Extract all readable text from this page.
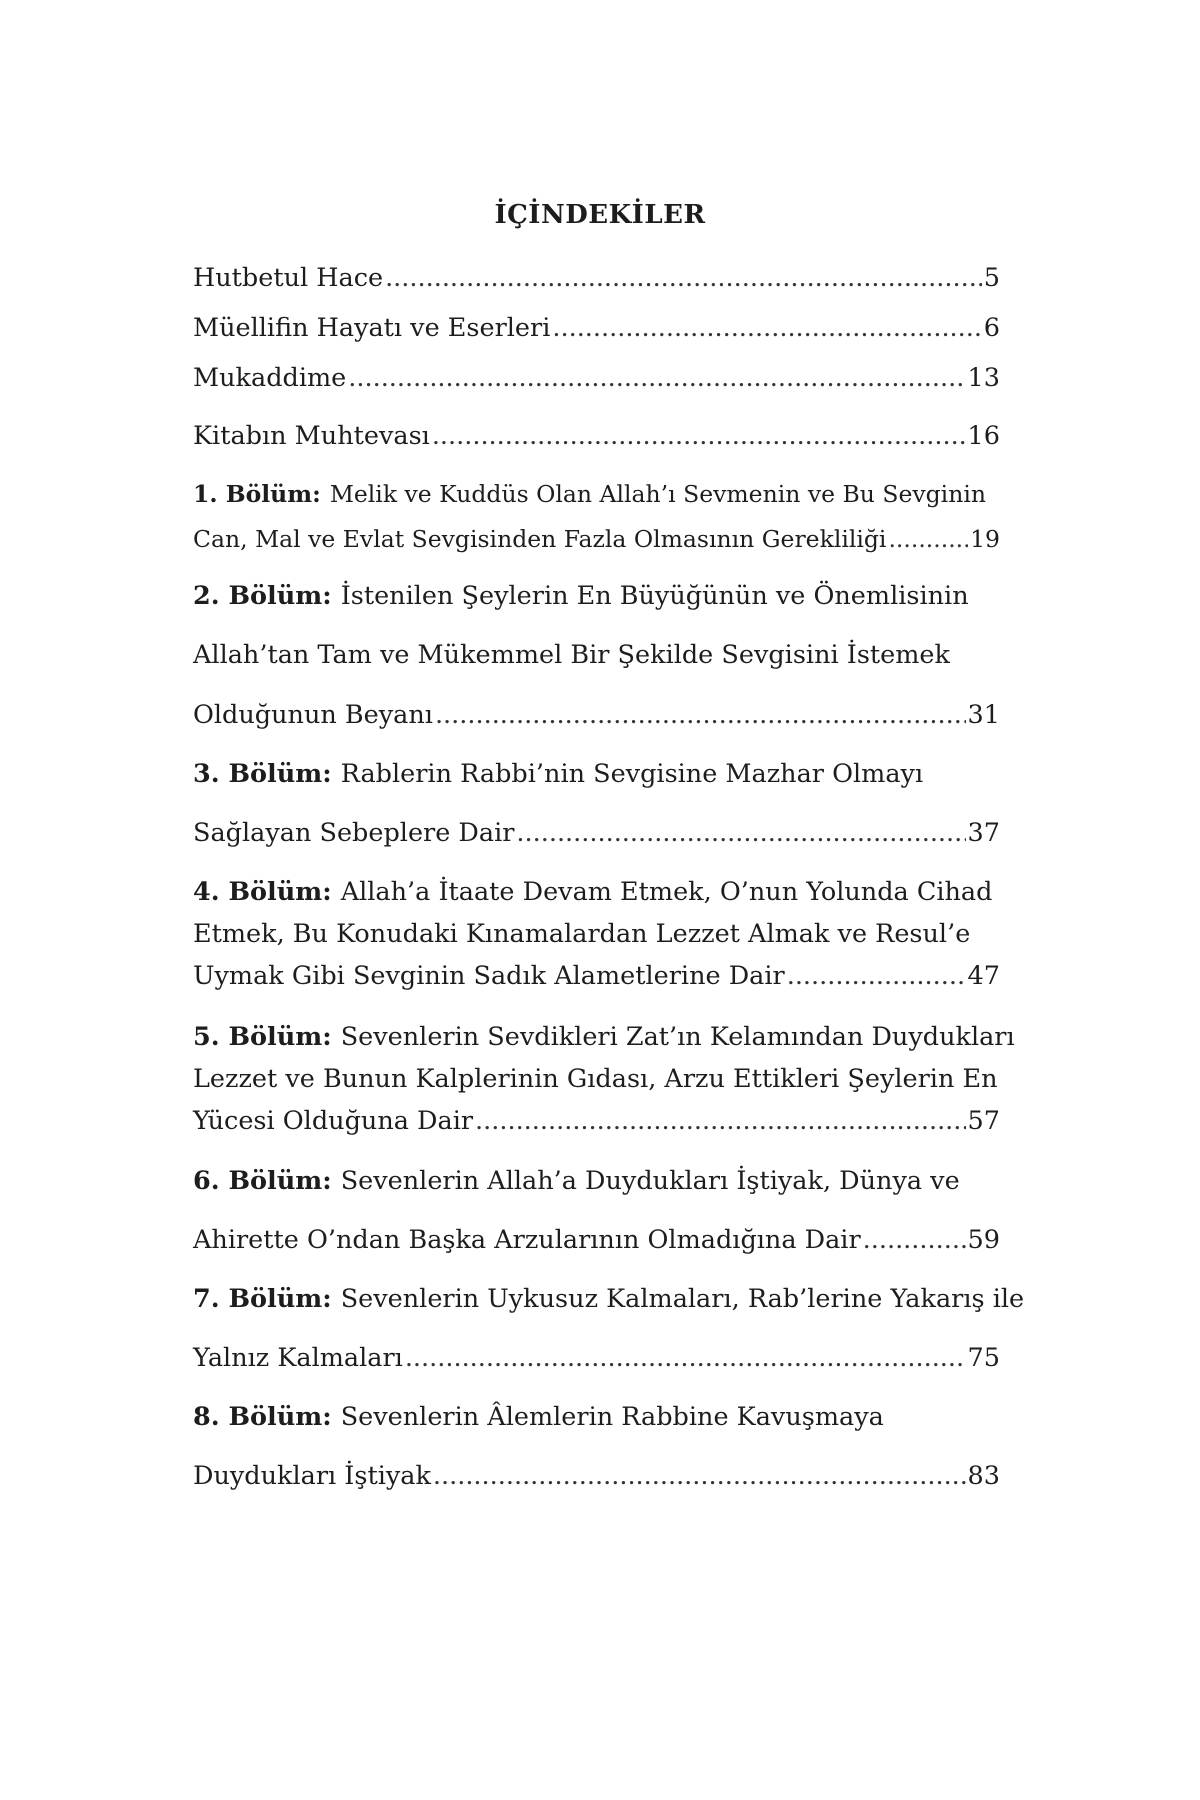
İÇİNDEKİLER
Hutbetul Hace .....	5
Müellifin Hayatı ve Eserleri .....	6
Mukaddime .....	13
Kitabın Muhtevası .....	16
1. Bölüm: Melik ve Kuddüs Olan Allah’ı Sevmenin ve Bu Sevginin
Can, Mal ve Evlat Sevgisinden Fazla Olmasının Gerekliliği .....	19
2. Bölüm: İstenilen Şeylerin En Büyüğünün ve Önemlisinin
Allah’tan Tam ve Mükemmel Bir Şekilde Sevgisini İstemek
Olduğunun Beyanı .....	31
3. Bölüm: Rablerin Rabbi’nin Sevgisine Mazhar Olmayı
Sağlayan Sebeplere Dair .....	37
4. Bölüm: Allah’a İtaate Devam Etmek, O’nun Yolunda Cihad
Etmek, Bu Konudaki Kınamalardan Lezzet Almak ve Resul’e
Uymak Gibi Sevginin Sadık Alametlerine Dair .....	47
5. Bölüm: Sevenlerin Sevdikleri Zat’ın Kelamından Duydukları
Lezzet ve Bunun Kalplerinin Gıdası, Arzu Ettikleri Şeylerin En
Yücesi Olduğuna Dair .....	57
6. Bölüm: Sevenlerin Allah’a Duydukları İştiyak, Dünya ve
Ahirette O’ndan Başka Arzularının Olmadığına Dair .....	59
7. Bölüm: Sevenlerin Uykusuz Kalmaları, Rab’lerine Yakarış ile
Yalnız Kalmaları .....	75
8. Bölüm: Sevenlerin Âlemlerin Rabbine Kavuşmaya
Duydukları İştiyak .....	83
